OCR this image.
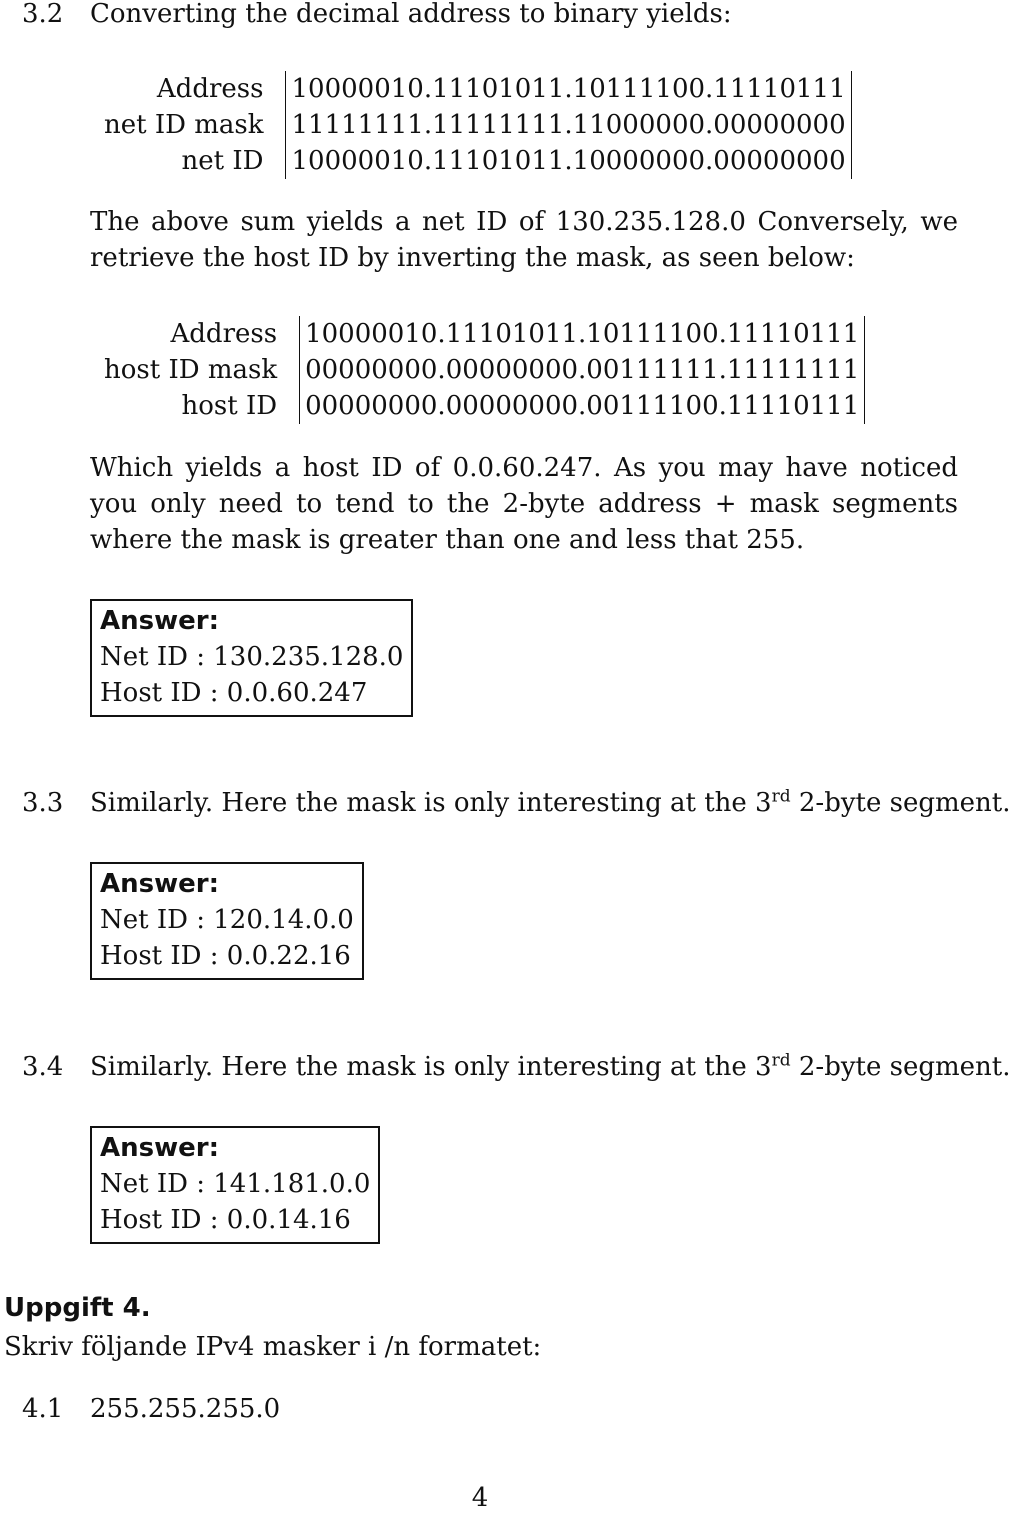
3.2 Converting the decimal address to binary yields:
Address	10000010.11101011.10111100.11110111
net ID mask	11111111.11111111.11000000.00000000
net ID	10000010.11101011.10000000.00000000
The above sum yields a net ID of 130.235.128.0 Conversely, we retrieve the host ID by inverting the mask, as seen below:
Address	10000010.11101011.10111100.11110111
host ID mask	00000000.00000000.00111111.11111111
host ID	00000000.00000000.00111100.11110111
Which yields a host ID of 0.0.60.247. As you may have noticed you only need to tend to the 2-byte address + mask segments where the mask is greater than one and less that 255.
Answer:
Net ID : 130.235.128.0
Host ID : 0.0.60.247
3.3 Similarly. Here the mask is only interesting at the 3rd 2-byte segment.
Answer:
Net ID : 120.14.0.0
Host ID : 0.0.22.16
3.4 Similarly. Here the mask is only interesting at the 3rd 2-byte segment.
Answer:
Net ID : 141.181.0.0
Host ID : 0.0.14.16
Uppgift 4.
Skriv följande IPv4 masker i /n formatet:
4.1 255.255.255.0
4
